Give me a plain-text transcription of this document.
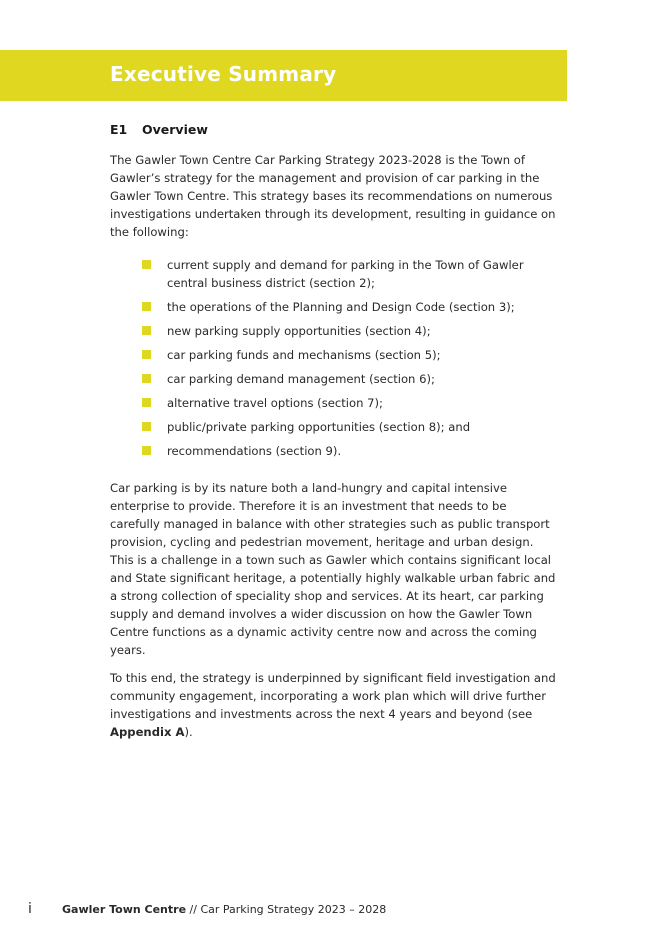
Executive Summary
E1 Overview

The Gawler Town Centre Car Parking Strategy 2023-2028 is the Town of Gawler’s strategy for the management and provision of car parking in the Gawler Town Centre. This strategy bases its recommendations on numerous investigations undertaken through its development, resulting in guidance on the following:

current supply and demand for parking in the Town of Gawler central business district (section 2);
the operations of the Planning and Design Code (section 3);
new parking supply opportunities (section 4);
car parking funds and mechanisms (section 5);
car parking demand management (section 6);
alternative travel options (section 7);
public/private parking opportunities (section 8); and
recommendations (section 9).

Car parking is by its nature both a land-hungry and capital intensive enterprise to provide. Therefore it is an investment that needs to be carefully managed in balance with other strategies such as public transport provision, cycling and pedestrian movement, heritage and urban design. This is a challenge in a town such as Gawler which contains significant local and State significant heritage, a potentially highly walkable urban fabric and a strong collection of speciality shop and services. At its heart, car parking supply and demand involves a wider discussion on how the Gawler Town Centre functions as a dynamic activity centre now and across the coming years.

To this end, the strategy is underpinned by significant field investigation and community engagement, incorporating a work plan which will drive further investigations and investments across the next 4 years and beyond (see Appendix A).

i	Gawler Town Centre // Car Parking Strategy 2023 – 2028
